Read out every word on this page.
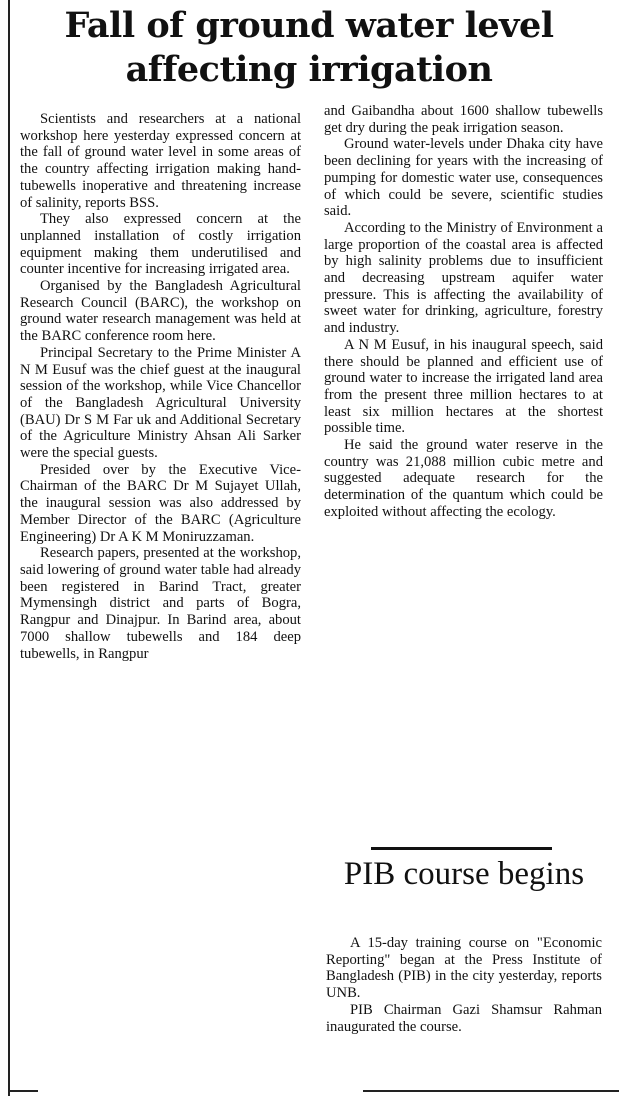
Fall of ground water level affecting irrigation

Scientists and researchers at a national workshop here yesterday expressed concern at the fall of ground water level in some areas of the country affecting irrigation making hand-tubewells inoperative and threatening increase of salinity, reports BSS.

They also expressed concern at the unplanned installation of costly irrigation equipment making them underutilised and counter incentive for increasing irrigated area.

Organised by the Bangladesh Agricultural Research Council (BARC), the workshop on ground water research management was held at the BARC conference room here.

Principal Secretary to the Prime Minister A N M Eusuf was the chief guest at the inaugural session of the workshop, while Vice Chancellor of the Bangladesh Agricultural University (BAU) Dr S M Far uk and Additional Secretary of the Agriculture Ministry Ahsan Ali Sarker were the special guests.

Presided over by the Executive Vice-Chairman of the BARC Dr M Sujayet Ullah, the inaugural session was also addressed by Member Director of the BARC (Agriculture Engineering) Dr A K M Moniruzzaman.

Research papers, presented at the workshop, said lowering of ground water table had already been registered in Barind Tract, greater Mymensingh district and parts of Bogra, Rangpur and Dinajpur. In Barind area, about 7000 shallow tubewells and 184 deep tubewells, in Rangpur

and Gaibandha about 1600 shallow tubewells get dry during the peak irrigation season.

Ground water-levels under Dhaka city have been declining for years with the increasing of pumping for domestic water use, consequences of which could be severe, scientific studies said.

According to the Ministry of Environment a large proportion of the coastal area is affected by high salinity problems due to insufficient and decreasing upstream aquifer water pressure. This is affecting the availability of sweet water for drinking, agriculture, forestry and industry.

A N M Eusuf, in his inaugural speech, said there should be planned and efficient use of ground water to increase the irrigated land area from the present three million hectares to at least six million hectares at the shortest possible time.

He said the ground water reserve in the country was 21,088 million cubic metre and suggested adequate research for the determination of the quantum which could be exploited without affecting the ecology.

PIB course begins

A 15-day training course on "Economic Reporting" began at the Press Institute of Bangladesh (PIB) in the city yesterday, reports UNB.

PIB Chairman Gazi Shamsur Rahman inaugurated the course.
